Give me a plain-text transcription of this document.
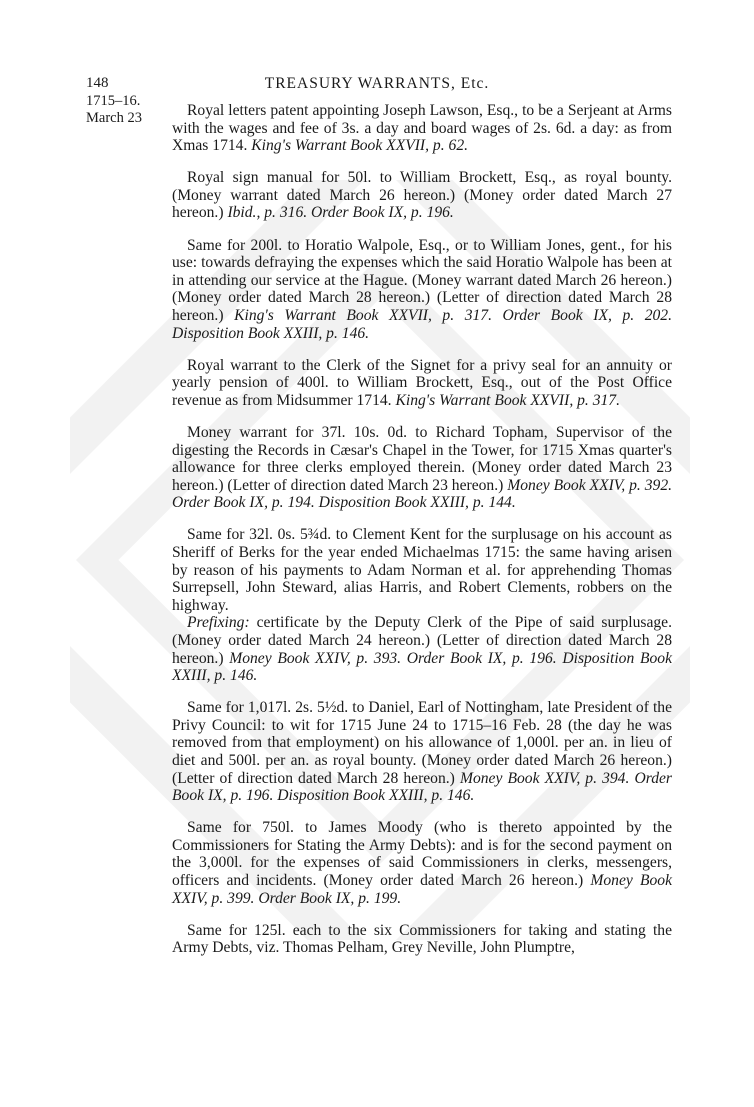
148	TREASURY WARRANTS, Etc.
1715–16.
March 23	Royal letters patent appointing Joseph Lawson, Esq., to be a Serjeant at Arms with the wages and fee of 3s. a day and board wages of 2s. 6d. a day: as from Xmas 1714. King's Warrant Book XXVII, p. 62.

Royal sign manual for 50l. to William Brockett, Esq., as royal bounty. (Money warrant dated March 26 hereon.) (Money order dated March 27 hereon.) Ibid., p. 316. Order Book IX, p. 196.

Same for 200l. to Horatio Walpole, Esq., or to William Jones, gent., for his use: towards defraying the expenses which the said Horatio Walpole has been at in attending our service at the Hague. (Money warrant dated March 26 hereon.) (Money order dated March 28 hereon.) (Letter of direction dated March 28 hereon.) King's Warrant Book XXVII, p. 317. Order Book IX, p. 202. Disposition Book XXIII, p. 146.

Royal warrant to the Clerk of the Signet for a privy seal for an annuity or yearly pension of 400l. to William Brockett, Esq., out of the Post Office revenue as from Midsummer 1714. King's Warrant Book XXVII, p. 317.

Money warrant for 37l. 10s. 0d. to Richard Topham, Supervisor of the digesting the Records in Cæsar's Chapel in the Tower, for 1715 Xmas quarter's allowance for three clerks employed therein. (Money order dated March 23 hereon.) (Letter of direction dated March 23 hereon.) Money Book XXIV, p. 392. Order Book IX, p. 194. Disposition Book XXIII, p. 144.

Same for 32l. 0s. 5¾d. to Clement Kent for the surplusage on his account as Sheriff of Berks for the year ended Michaelmas 1715: the same having arisen by reason of his payments to Adam Norman et al. for apprehending Thomas Surrepsell, John Steward, alias Harris, and Robert Clements, robbers on the highway.

Prefixing: certificate by the Deputy Clerk of the Pipe of said surplusage. (Money order dated March 24 hereon.) (Letter of direction dated March 28 hereon.) Money Book XXIV, p. 393. Order Book IX, p. 196. Disposition Book XXIII, p. 146.

Same for 1,017l. 2s. 5½d. to Daniel, Earl of Nottingham, late President of the Privy Council: to wit for 1715 June 24 to 1715–16 Feb. 28 (the day he was removed from that employment) on his allowance of 1,000l. per an. in lieu of diet and 500l. per an. as royal bounty. (Money order dated March 26 hereon.) (Letter of direction dated March 28 hereon.) Money Book XXIV, p. 394. Order Book IX, p. 196. Disposition Book XXIII, p. 146.

Same for 750l. to James Moody (who is thereto appointed by the Commissioners for Stating the Army Debts): and is for the second payment on the 3,000l. for the expenses of said Commissioners in clerks, messengers, officers and incidents. (Money order dated March 26 hereon.) Money Book XXIV, p. 399. Order Book IX, p. 199.

Same for 125l. each to the six Commissioners for taking and stating the Army Debts, viz. Thomas Pelham, Grey Neville, John Plumptre,
